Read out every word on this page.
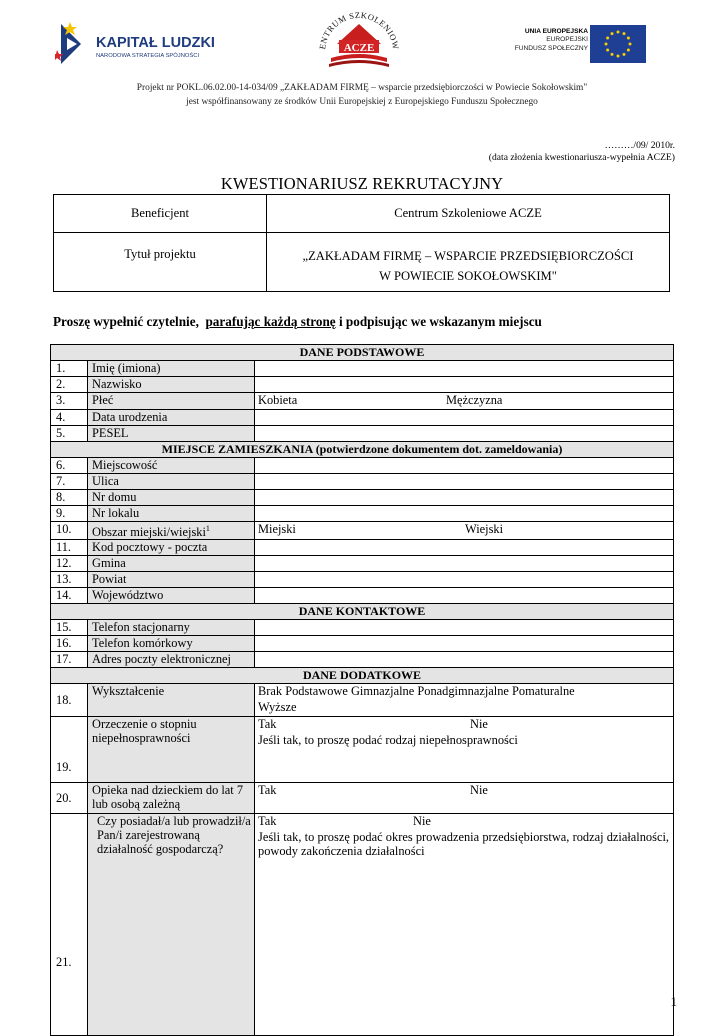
KAPITAŁ LUDZKI
NARODOWA STRATEGIA SPÓJNOŚCI
ENTRUM SZKOLENIOW
ACZE
UNIA EUROPEJSKA
EUROPEJSKI
FUNDUSZ SPOŁECZNY
Projekt nr POKL.06.02.00-14-034/09 „ZAKŁADAM FIRMĘ – wsparcie przedsiębiorczości w Powiecie Sokołowskim"
jest współfinansowany ze środków Unii Europejskiej z Europejskiego Funduszu Społecznego
………/09/ 2010r.
(data złożenia kwestionariusza-wypełnia ACZE)
KWESTIONARIUSZ REKRUTACYJNY
Beneficjent	Centrum Szkoleniowe ACZE
Tytuł projektu	„ZAKŁADAM FIRMĘ – WSPARCIE PRZEDSIĘBIORCZOŚCI
W POWIECIE SOKOŁOWSKIM"
Proszę wypełnić czytelnie, parafując każdą stronę i podpisując we wskazanym miejscu
DANE PODSTAWOWE		
1.	Imię (imiona)	
2.	Nazwisko	
3.	Płeć	Kobieta Mężczyzna

4.	Data urodzenia	
5.	PESEL	
MIEJSCE ZAMIESZKANIA (potwierdzone dokumentem dot. zameldowania)		
6.	Miejscowość	
7.	Ulica	
8.	Nr domu	
9.	Nr lokalu	
10.	Obszar miejski/wiejski$^1$	Miejski Wiejski

11.	Kod pocztowy - poczta	
12.	Gmina	
13.	Powiat	
14.	Województwo	
DANE KONTAKTOWE		
15.	Telefon stacjonarny	
16.	Telefon komórkowy	
17.	Adres poczty elektronicznej	
DANE DODATKOWE		
18.	Wykształcenie	Brak Podstawowe Gimnazjalne Ponadgimnazjalne Pomaturalne
Wyższe

19.	Orzeczenie o stopniu niepełnosprawności	Tak Nie
Jeśli tak, to proszę podać rodzaj niepełnosprawności

20.	Opieka nad dzieckiem do lat 7 lub osobą zależną	Tak Nie

21.	Czy posiadał/a lub prowadził/a Pan/i zarejestrowaną działalność gospodarczą?	Tak Nie
Jeśli tak, to proszę podać okres prowadzenia przedsiębiorstwa, rodzaj działalności, powody zakończenia działalności
1
